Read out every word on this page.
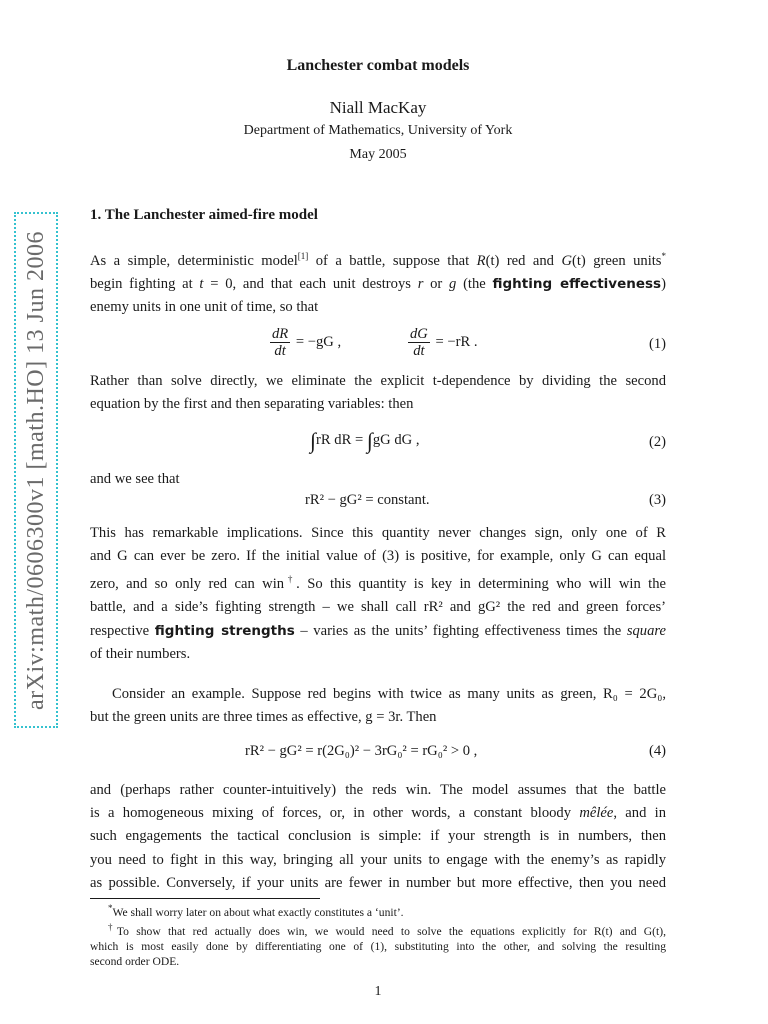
arXiv:math/0606300v1 [math.HO] 13 Jun 2006
Lanchester combat models
Niall MacKay
Department of Mathematics, University of York
May 2005
1. The Lanchester aimed-fire model
As a simple, deterministic model[1] of a battle, suppose that R(t) red and G(t) green units*
begin fighting at t = 0, and that each unit destroys r or g (the fighting effectiveness)
enemy units in one unit of time, so that
$\frac{dR}{dt} = -gG$ ,	$\frac{dG}{dt} = -rR$ .	(1)
Rather than solve directly, we eliminate the explicit t-dependence by dividing the second
equation by the first and then separating variables: then
∫rR dR = ∫gG dG ,	(2)
and we see that
rR² − gG² = constant.	(3)
This has remarkable implications. Since this quantity never changes sign, only one of R
and G can ever be zero. If the initial value of (3) is positive, for example, only G can equal
zero, and so only red can win†. So this quantity is key in determining who will win the
battle, and a side’s fighting strength – we shall call rR² and gG² the red and green forces’
respective fighting strengths – varies as the units’ fighting effectiveness times the square
of their numbers.
Consider an example. Suppose red begins with twice as many units as green, R₀ = 2G₀,
but the green units are three times as effective, g = 3r. Then
rR² − gG² = r(2G₀)² − 3rG₀² = rG₀² > 0 ,	(4)
and (perhaps rather counter-intuitively) the reds win. The model assumes that the battle
is a homogeneous mixing of forces, or, in other words, a constant bloody mêlée, and in
such engagements the tactical conclusion is simple: if your strength is in numbers, then
you need to fight in this way, bringing all your units to engage with the enemy’s as rapidly
as possible. Conversely, if your units are fewer in number but more effective, then you need
*We shall worry later on about what exactly constitutes a ‘unit’.
†To show that red actually does win, we would need to solve the equations explicitly for R(t) and G(t),
which is most easily done by differentiating one of (1), substituting into the other, and solving the resulting
second order ODE.
1
